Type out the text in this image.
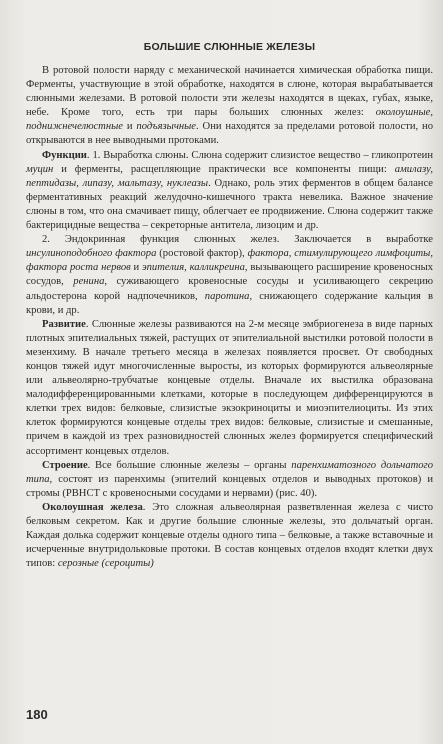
БОЛЬШИЕ СЛЮННЫЕ ЖЕЛЕЗЫ

В ротовой полости наряду с механической начинается химическая обработка пищи. Ферменты, участвующие в этой обработке, находятся в слюне, которая вырабатывается слюнными железами. В ротовой полости эти железы находятся в щеках, губах, языке, небе. Кроме того, есть три пары больших слюнных желез: околоушные, поднижнечелюстные и подъязычные. Они находятся за пределами ротовой полости, но открываются в нее выводными протоками.

Функции. 1. Выработка слюны. Слюна содержит слизистое вещество – гликопротеин муцин и ферменты, расщепляющие практически все компоненты пищи: амилазу, пептидазы, липазу, мальтазу, нуклеазы. Однако, роль этих ферментов в общем балансе ферментативных реакций желудочно-кишечного тракта невелика. Важное значение слюны в том, что она смачивает пищу, облегчает ее продвижение. Слюна содержит также бактерицидные вещества – секреторные антитела, лизоцим и др.

2. Эндокринная функция слюнных желез. Заключается в выработке инсулиноподобного фактора (ростовой фактор), фактора, стимулирующего лимфоциты, фактора роста нервов и эпителия, калликреина, вызывающего расширение кровеносных сосудов, ренина, суживающего кровеносные сосуды и усиливающего секрецию альдостерона корой надпочечников, паротина, снижающего содержание кальция в крови, и др.

Развитие. Слюнные железы развиваются на 2-м месяце эмбриогенеза в виде парных плотных эпителиальных тяжей, растущих от эпителиальной выстилки ротовой полости в мезенхиму. В начале третьего месяца в железах появляется просвет. От свободных концов тяжей идут многочисленные выросты, из которых формируются альвеолярные или альвеолярно-трубчатые концевые отделы. Вначале их выстилка образована малодифференцированными клетками, которые в последующем дифференцируются в клетки трех видов: белковые, слизистые экзокриноциты и миоэпителиоциты. Из этих клеток формируются концевые отделы трех видов: белковые, слизистые и смешанные, причем в каждой из трех разновидностей слюнных желез формируется специфический ассортимент концевых отделов.

Строение. Все большие слюнные железы – органы паренхиматозного дольчатого типа, состоят из паренхимы (эпителий концевых отделов и выводных протоков) и стромы (РВНСТ с кровеносными сосудами и нервами) (рис. 40).

Околоушная железа. Это сложная альвеолярная разветвленная железа с чисто белковым секретом. Как и другие большие слюнные железы, это дольчатый орган. Каждая долька содержит концевые отделы одного типа – белковые, а также вставочные и исчерченные внутридольковые протоки. В состав концевых отделов входят клетки двух типов: серозные (сероциты)

180
